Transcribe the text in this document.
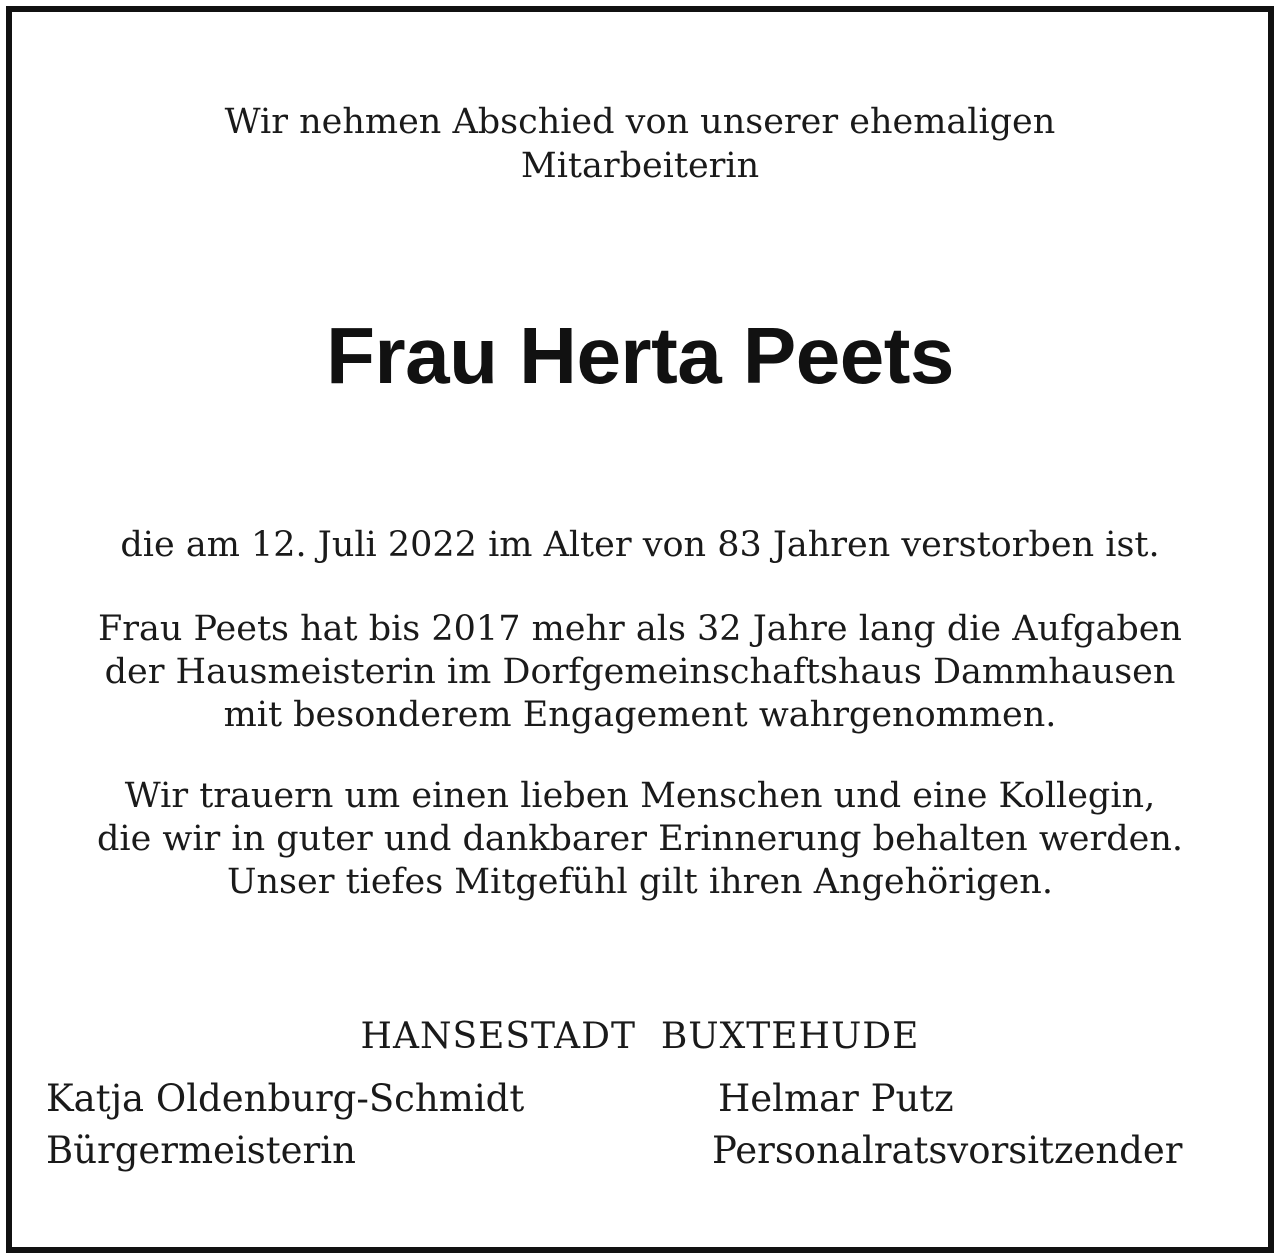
Wir nehmen Abschied von unserer ehemaligen
Mitarbeiterin
Frau Herta Peets
die am 12. Juli 2022 im Alter von 83 Jahren verstorben ist.
Frau Peets hat bis 2017 mehr als 32 Jahre lang die Aufgaben
der Hausmeisterin im Dorfgemeinschaftshaus Dammhausen
mit besonderem Engagement wahrgenommen.
Wir trauern um einen lieben Menschen und eine Kollegin,
die wir in guter und dankbarer Erinnerung behalten werden.
Unser tiefes Mitgefühl gilt ihren Angehörigen.
HANSESTADT  BUXTEHUDE
Katja Oldenburg-Schmidt
Bürgermeisterin
Helmar Putz
Personalratsvorsitzender
